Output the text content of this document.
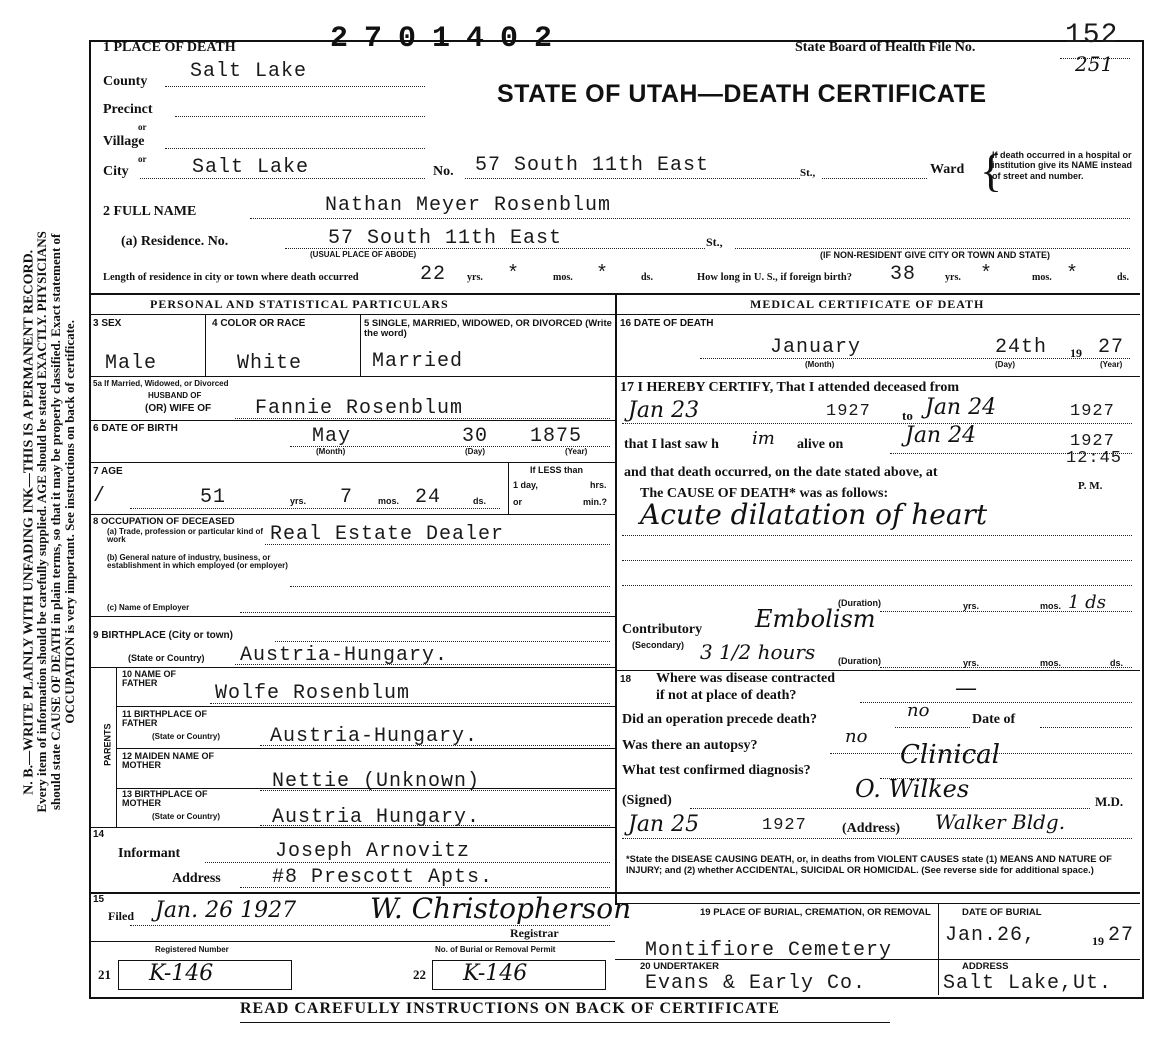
N. B.—WRITE PLAINLY WITH UNFADING INK—THIS IS A PERMANENT RECORD.
Every item of information should be carefully supplied. AGE should be stated EXACTLY. PHYSICIANS should state CAUSE OF DEATH in plain terms, so that it may be properly classified. Exact statement of OCCUPATION is very important. See instructions on back of certificate.
1 PLACE OF DEATH	2701402	State Board of Health File No.	152
251
STATE OF UTAH—DEATH CERTIFICATE
County Salt Lake
Precinct
or
Village
or
City	Salt Lake	No. 57 South 11th East	St.,	Ward {
If death occurred in a hospital or institution give its NAME instead of street and number.
2 FULL NAME	Nathan Meyer Rosenblum
(a) Residence. No.	57 South 11th East	St.,
(USUAL PLACE OF ABODE)	(IF NON-RESIDENT GIVE CITY OR TOWN AND STATE)
Length of residence in city or town where death occurred	22 yrs. *	mos. *	ds.	How long in U. S., if foreign birth? 38	yrs. *	mos. *	ds.
PERSONAL AND STATISTICAL PARTICULARS	MEDICAL CERTIFICATE OF DEATH
3 SEX
Male
4 COLOR OR RACE
White
5 SINGLE, MARRIED, WIDOWED, OR DIVORCED (Write the word)
Married
5a If Married, Widowed, or Divorced
HUSBAND OF
(OR) WIFE OF Fannie Rosenblum
6 DATE OF BIRTH	May	30 1875
(Month)	(Day)	(Year)
7 AGE
/	51	yrs. 7	mos. 24	ds.
If LESS than
1 day,	hrs.
or	min.?
8 OCCUPATION OF DECEASED
(a) Trade, profession or particular kind of work	Real Estate Dealer
(b) General nature of industry, business, or establishment in which employed (or employer)
(c) Name of Employer
9 BIRTHPLACE (City or town)
(State or Country) Austria-Hungary.
PARENTS
10 NAME OF FATHER	Wolfe Rosenblum
11 BIRTHPLACE OF FATHER
(State or Country)	Austria-Hungary.
12 MAIDEN NAME OF MOTHER
Nettie (Unknown)
13 BIRTHPLACE OF MOTHER
(State or Country)	Austria Hungary.
14
Informant	Joseph Arnovitz
Address	#8 Prescott Apts.
15
Filed Jan. 26 1927	W. Christopherson
Registrar
Registered Number	No. of Burial or Removal Permit
21 K-146	22 K-146
16 DATE OF DEATH
January	24th 19 27
(Month)	(Day)	(Year)
17 I HEREBY CERTIFY, That I attended deceased from
Jan 23	1927 to Jan 24	1927
that I last saw h im alive on	Jan 24	1927
and that death occurred, on the date stated above, at
12:45
P. M.
The CAUSE OF DEATH* was as follows:
Acute dilatation of heart
(Duration)	yrs.	mos. 1 ds
Contributory Embolism
(Secondary) 3 1/2 hours	(Duration)	yrs.	mos.	ds.
18 Where was disease contracted
if not at place of death?	—
Did an operation precede death?	no	Date of
Was there an autopsy?	no
What test confirmed diagnosis?
Clinical
(Signed)	O. Wilkes	M.D.
Jan 25	1927	(Address) Walker Bldg.
*State the DISEASE CAUSING DEATH, or, in deaths from VIOLENT CAUSES state (1) MEANS AND NATURE OF INJURY; and (2) whether ACCIDENTAL, SUICIDAL OR HOMICIDAL. (See reverse side for additional space.)
19 PLACE OF BURIAL, CREMATION, OR REMOVAL
Montifiore Cemetery
DATE OF BURIAL
Jan.26,	19 27
20 UNDERTAKER
Evans & Early Co.
ADDRESS
Salt Lake,Ut.
READ CAREFULLY INSTRUCTIONS ON BACK OF CERTIFICATE
